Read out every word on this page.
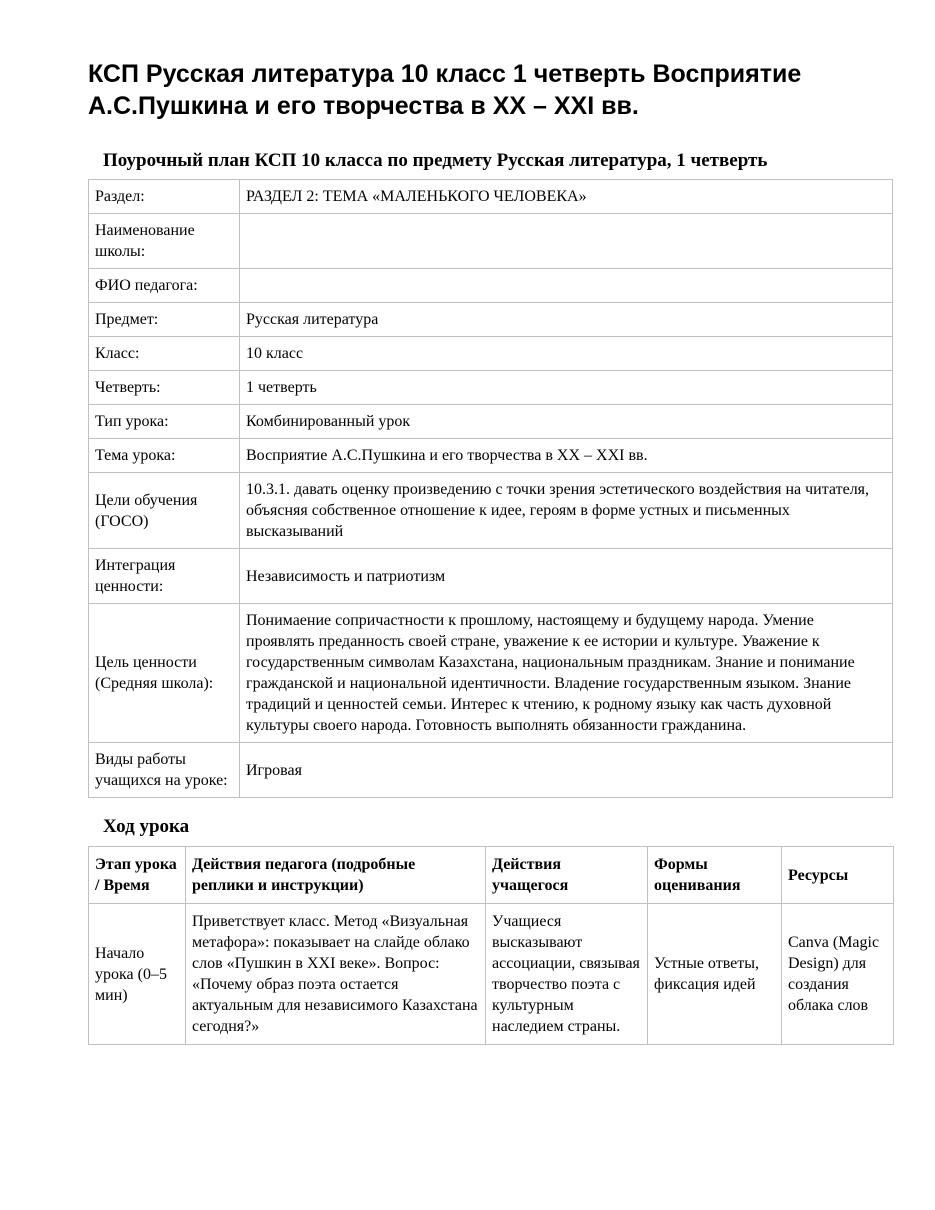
КСП Русская литература 10 класс 1 четверть Восприятие А.С.Пушкина и его творчества в XX – XXI вв.
Поурочный план КСП 10 класса по предмету Русская литература, 1 четверть
Раздел:	РАЗДЕЛ 2: ТЕМА «МАЛЕНЬКОГО ЧЕЛОВЕКА»
Наименование школы:	
ФИО педагога:	
Предмет:	Русская литература
Класс:	10 класс
Четверть:	1 четверть
Тип урока:	Комбинированный урок
Тема урока:	Восприятие А.С.Пушкина и его творчества в XX – XXI вв.
Цели обучения (ГОСО)	10.3.1. давать оценку произведению с точки зрения эстетического воздействия на читателя, объясняя собственное отношение к идее, героям в форме устных и письменных высказываний
Интеграция ценности:	Независимость и патриотизм
Цель ценности (Средняя школа):	Понимаение сопричастности к прошлому, настоящему и будущему народа. Умение проявлять преданность своей стране, уважение к ее истории и культуре. Уважение к государственным символам Казахстана, национальным праздникам. Знание и понимание гражданской и национальной идентичности. Владение государственным языком. Знание традиций и ценностей семьи. Интерес к чтению, к родному языку как часть духовной культуры своего народа. Готовность выполнять обязанности гражданина.
Виды работы учащихся на уроке:	Игровая
Ход урока
Этап урока / Время	Действия педагога (подробные реплики и инструкции)	Действия учащегося	Формы оценивания	Ресурсы
Начало урока (0–5 мин)	Приветствует класс. Метод «Визуальная метафора»: показывает на слайде облако слов «Пушкин в XXI веке». Вопрос: «Почему образ поэта остается актуальным для независимого Казахстана сегодня?»	Учащиеся высказывают ассоциации, связывая творчество поэта с культурным наследием страны.	Устные ответы, фиксация идей	Canva (Magic Design) для создания облака слов
